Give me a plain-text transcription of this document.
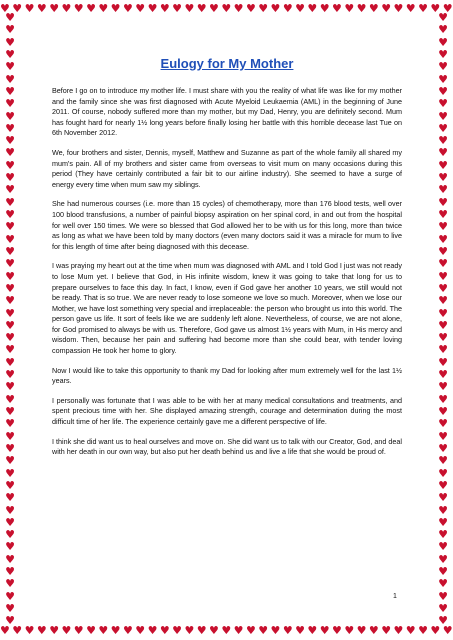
♥ ♥ ♥ ♥ ♥ ♥ ♥ ♥ ♥ ♥ ♥ ♥ ♥ ♥ ♥ ♥ ♥ ♥ ♥ ♥ ♥ ♥ ♥ ♥ ♥ ♥ ♥ ♥ ♥ ♥ ♥ ♥ ♥ ♥ ♥ ♥ ♥
♥ ♥ ♥ ♥ ♥ ♥ ♥ ♥ ♥ ♥ ♥ ♥ ♥ ♥ ♥ ♥ ♥ ♥ ♥ ♥ ♥ ♥ ♥ ♥ ♥ ♥ ♥ ♥ ♥ ♥ ♥ ♥ ♥ ♥ ♥ ♥ ♥
♥
♥
♥
♥
♥
♥
♥
♥
♥
♥
♥
♥
♥
♥
♥
♥
♥
♥
♥
♥
♥
♥
♥
♥
♥
♥
♥
♥
♥
♥
♥
♥
♥
♥
♥
♥
♥
♥
♥
♥
♥
♥
♥
♥
♥
♥
♥
♥
♥
♥
♥
♥
♥
♥
♥
♥
♥
♥
♥
♥
♥
♥
♥
♥
♥
♥
♥
♥
♥
♥
♥
♥
♥
♥
♥
♥
♥
♥
♥
♥
♥
♥
♥
♥
♥
♥
♥
♥
♥
♥
♥
♥
♥
♥
♥
♥
♥
♥
♥
♥
Eulogy for My Mother

Before I go on to introduce my mother life. I must share with you the reality of what life was like for my mother and the family since she was first diagnosed with Acute Myeloid Leukaemia (AML) in the beginning of June 2011. Of course, nobody suffered more than my mother, but my Dad, Henry, you are definitely second. Mum has fought hard for nearly 1½ long years before finally losing her battle with this horrible decease last Tue on 6th November 2012.

We, four brothers and sister, Dennis, myself, Matthew and Suzanne as part of the whole family all shared my mum's pain. All of my brothers and sister came from overseas to visit mum on many occasions during this period (They have certainly contributed a fair bit to our airline industry). She seemed to have a surge of energy every time when mum saw my siblings.

She had numerous courses (i.e. more than 15 cycles) of chemotherapy, more than 176 blood tests, well over 100 blood transfusions, a number of painful biopsy aspiration on her spinal cord, in and out from the hospital for well over 150 times. We were so blessed that God allowed her to be with us for this long, more than twice as long as what we have been told by many doctors (even many doctors said it was a miracle for mum to live for this length of time after being diagnosed with this decease.

I was praying my heart out at the time when mum was diagnosed with AML and I told God I just was not ready to lose Mum yet. I believe that God, in His infinite wisdom, knew it was going to take that long for us to prepare ourselves to face this day. In fact, I know, even if God gave her another 10 years, we still would not be ready. That is so true. We are never ready to lose someone we love so much. Moreover, when we lose our Mother, we have lost something very special and irreplaceable: the person who brought us into this world. The person gave us life. It sort of feels like we are suddenly left alone. Nevertheless, of course, we are not alone, for God promised to always be with us. Therefore, God gave us almost 1½ years with Mum, in His mercy and wisdom. Then, because her pain and suffering had become more than she could bear, with tender loving compassion He took her home to glory.

Now I would like to take this opportunity to thank my Dad for looking after mum extremely well for the last 1½ years.

I personally was fortunate that I was able to be with her at many medical consultations and treatments, and spent precious time with her. She displayed amazing strength, courage and determination during the most difficult time of her life. The experience certainly gave me a different perspective of life.

I think she did want us to heal ourselves and move on. She did want us to talk with our Creator, God, and deal with her death in our own way, but also put her death behind us and live a life that she would be proud of.

1
